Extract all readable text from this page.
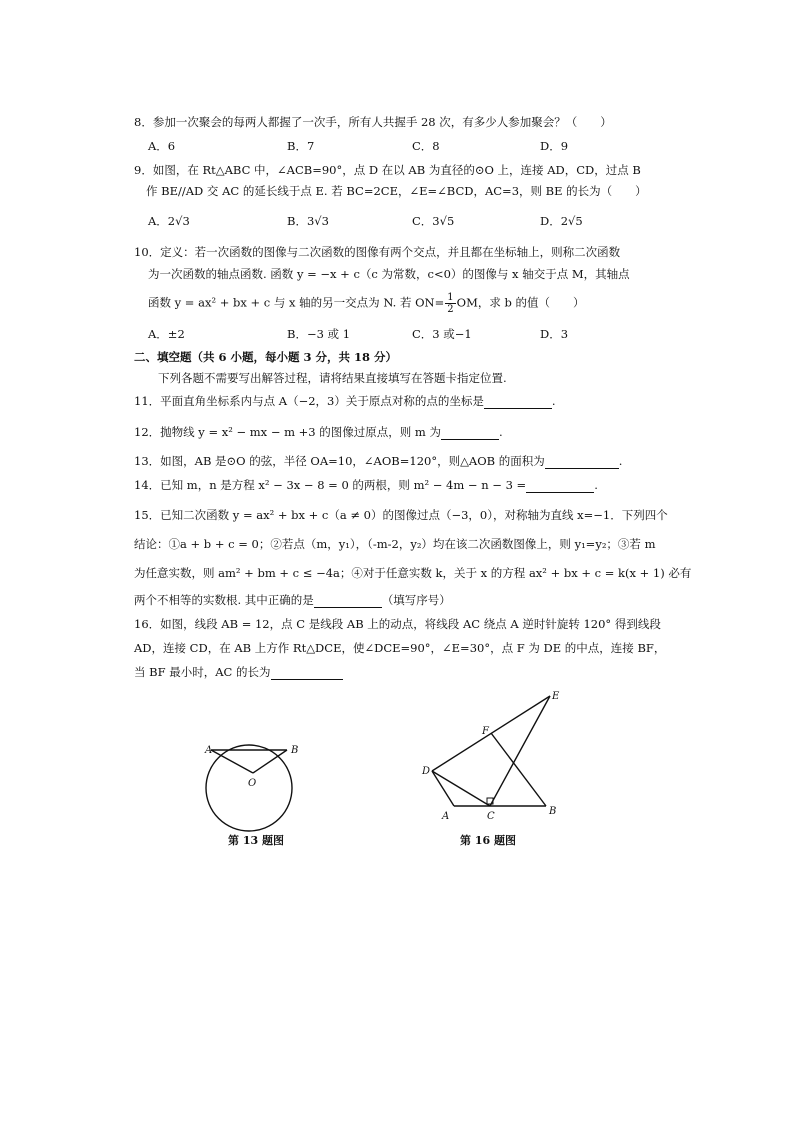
8．参加一次聚会的每两人都握了一次手，所有人共握手 28 次，有多少人参加聚会？（　　）
A．6	B．7	C．8	D．9
9．如图，在 Rt△ABC 中，∠ACB=90°，点 D 在以 AB 为直径的⊙O 上，连接 AD，CD，过点 B
作 BE//AD 交 AC 的延长线于点 E. 若 BC=2CE，∠E=∠BCD，AC=3，则 BE 的长为（　　）
A．2√3	B．3√3	C．3√5	D．2√5
10．定义：若一次函数的图像与二次函数的图像有两个交点，并且都在坐标轴上，则称二次函数
为一次函数的轴点函数. 函数 y = −x + c（c 为常数，c<0）的图像与 x 轴交于点 M，其轴点
函数 y = ax² + bx + c 与 x 轴的另一交点为 N. 若 $ON= \frac{1}{2}$ OM，求 b 的值（　　）
A．±2	B．−3 或 1	C．3 或−1	D．3
二、填空题（共 6 小题，每小题 3 分，共 18 分）
下列各题不需要写出解答过程，请将结果直接填写在答题卡指定位置.
11．平面直角坐标系内与点 A（−2，3）关于原点对称的点的坐标是	.
12．抛物线 y = x² − mx − m +3 的图像过原点，则 m 为	.
13．如图，AB 是⊙O 的弦，半径 OA=10，∠AOB=120°，则△AOB 的面积为	.
14．已知 m，n 是方程 x² − 3x − 8 = 0 的两根，则 m² − 4m − n − 3 =	.
15．已知二次函数 y = ax² + bx + c（a ≠ 0）的图像过点（−3，0），对称轴为直线 x=−1．下列四个
结论：①a + b + c = 0；②若点（m，y₁），（-m-2，y₂）均在该二次函数图像上，则 y₁=y₂；③若 m
为任意实数，则 am² + bm + c ≤ −4a；④对于任意实数 k，关于 x 的方程 ax² + bx + c = k(x + 1) 必有
两个不相等的实数根. 其中正确的是	（填写序号）
16．如图，线段 AB = 12，点 C 是线段 AB 上的动点，将线段 AC 绕点 A 逆时针旋转 120° 得到线段
AD，连接 CD，在 AB 上方作 Rt△DCE，使∠DCE=90°，∠E=30°，点 F 为 DE 的中点，连接 BF，
当 BF 最小时，AC 的长为
A	B
O
第 13 题图
D
A	C	B
F
E
第 16 题图
